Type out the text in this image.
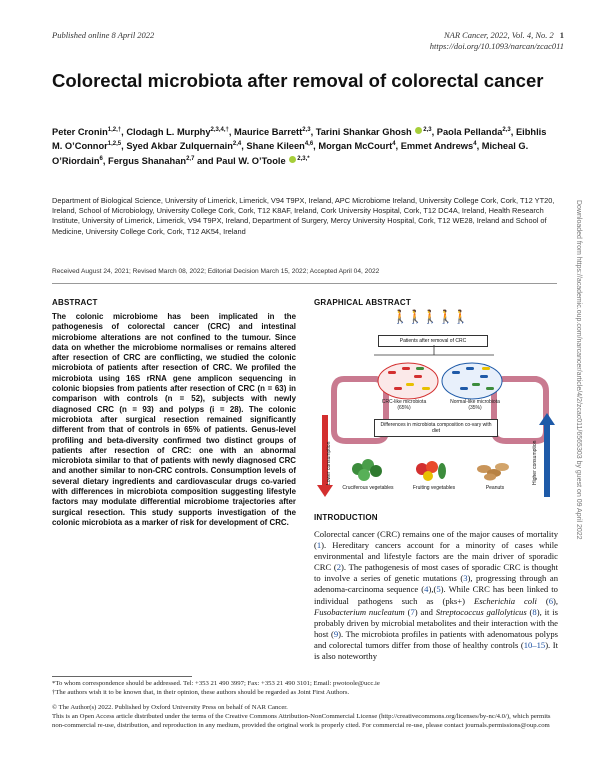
Published online 8 April 2022	NAR Cancer, 2022, Vol. 4, No. 2 1
https://doi.org/10.1093/narcan/zcac011
Colorectal microbiota after removal of colorectal cancer
Peter Cronin$^{1,2,\dagger}$, Clodagh L. Murphy$^{2,3,4,\dagger}$, Maurice Barrett$^{2,3}$, Tarini Shankar Ghosh $^{2,3}$, Paola Pellanda$^{2,3}$, Eibhlis M. O’Connor$^{1,2,5}$, Syed Akbar Zulquernain$^{2,4}$, Shane Kileen$^{4,6}$, Morgan McCourt$^4$, Emmet Andrews$^4$, Micheal G. O’Riordain$^6$, Fergus Shanahan$^{2,7}$ and Paul W. O’Toole $^{2,3,*}$
Department of Biological Science, University of Limerick, Limerick, V94 T9PX, Ireland, APC Microbiome Ireland, University College Cork, Cork, T12 YT20, Ireland, School of Microbiology, University College Cork, Cork, T12 K8AF, Ireland, Cork University Hospital, Cork, T12 DC4A, Ireland, Health Research Institute, University of Limerick, Limerick, V94 T9PX, Ireland, Department of Surgery, Mercy University Hospital, Cork, T12 WE28, Ireland and School of Medicine, University College Cork, Cork, T12 AK54, Ireland
Received August 24, 2021; Revised March 08, 2022; Editorial Decision March 15, 2022; Accepted April 04, 2022
ABSTRACT
The colonic microbiome has been implicated in the pathogenesis of colorectal cancer (CRC) and intestinal microbiome alterations are not confined to the tumour. Since data on whether the microbiome normalises or remains altered after resection of CRC are conflicting, we studied the colonic microbiota of patients after resection of CRC. We profiled the microbiota using 16S rRNA gene amplicon sequencing in colonic biopsies from patients after resection of CRC (n = 63) in comparison with controls (n = 52), subjects with newly diagnosed CRC (n = 93) and polyps (i = 28). The colonic microbiota after surgical resection remained significantly different from that of controls in 65% of patients. Genus-level profiling and beta-diversity confirmed two distinct groups of patients after resection of CRC: one with an abnormal microbiota similar to that of patients with newly diagnosed CRC and another similar to non-CRC controls. Consumption levels of several dietary ingredients and cardiovascular drugs co-varied with differences in microbiota composition suggesting lifestyle factors may modulate differential microbiome trajectories after surgical resection. This study supports investigation of the colonic microbiota as a marker of risk for development of CRC.
GRAPHICAL ABSTRACT
🚶🚶🚶🚶🚶
Patients after removal of CRC
CRC-like microbiota
(65%)
Normal-like microbiota
(35%)
Differences in microbiota composition co-vary with diet
Lower consumption	Higher consumption
Cruciferous vegetables	Fruiting vegetables	Peanuts
INTRODUCTION
Colorectal cancer (CRC) remains one of the major causes of mortality (1). Hereditary cancers account for a minority of cases while environmental and lifestyle factors are the main driver of sporadic CRC (2). The pathogenesis of most cases of sporadic CRC is thought to involve a series of genetic mutations (3), progressing through an adenoma-carcinoma sequence (4),(5). While CRC has been linked to individual pathogens such as (pks+) Escherichia coli (6), Fusobacterium nucleatum (7) and Streptococcus gallolyticus (8), it is probably driven by microbial metabolites and their interaction with the host (9). The microbiota profiles in patients with adenomatous polyps and colorectal tumors differ from those of healthy controls (10–15). It is also noteworthy
*To whom correspondence should be addressed. Tel: +353 21 490 3997; Fax: +353 21 490 3101; Email: pwotoole@ucc.ie
†The authors wish it to be known that, in their opinion, these authors should be regarded as Joint First Authors.
© The Author(s) 2022. Published by Oxford University Press on behalf of NAR Cancer.
This is an Open Access article distributed under the terms of the Creative Commons Attribution-NonCommercial License (http://creativecommons.org/licenses/by-nc/4.0/), which permits non-commercial re-use, distribution, and reproduction in any medium, provided the original work is properly cited. For commercial re-use, please contact journals.permissions@oup.com
Downloaded from https://academic.oup.com/narcancer/article/4/2/zcac011/6565303 by guest on 09 April 2022
